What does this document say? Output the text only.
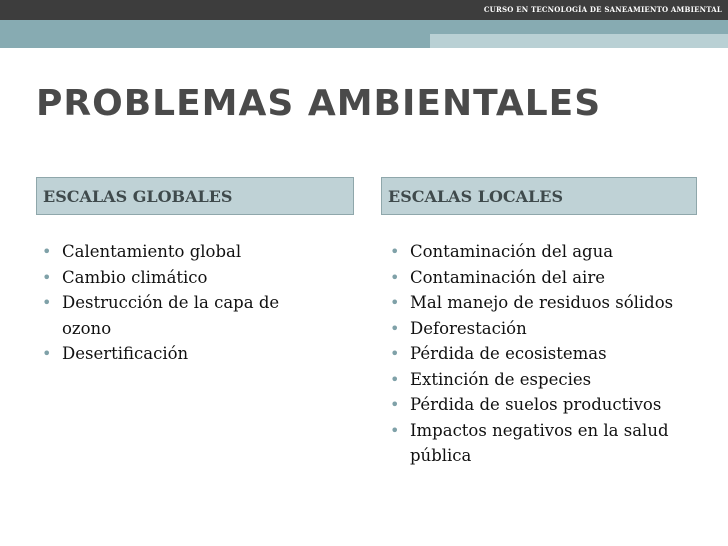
CURSO EN TECNOLOGÍA DE SANEAMIENTO AMBIENTAL
PROBLEMAS AMBIENTALES
ESCALAS GLOBALES	ESCALAS LOCALES
• Calentamiento global
• Cambio climático
• Destrucción de la capa de ozono
• Desertificación
• Contaminación del agua
• Contaminación del aire
• Mal manejo de residuos sólidos
• Deforestación
• Pérdida de ecosistemas
• Extinción de especies
• Pérdida de suelos productivos
• Impactos negativos en la salud pública
